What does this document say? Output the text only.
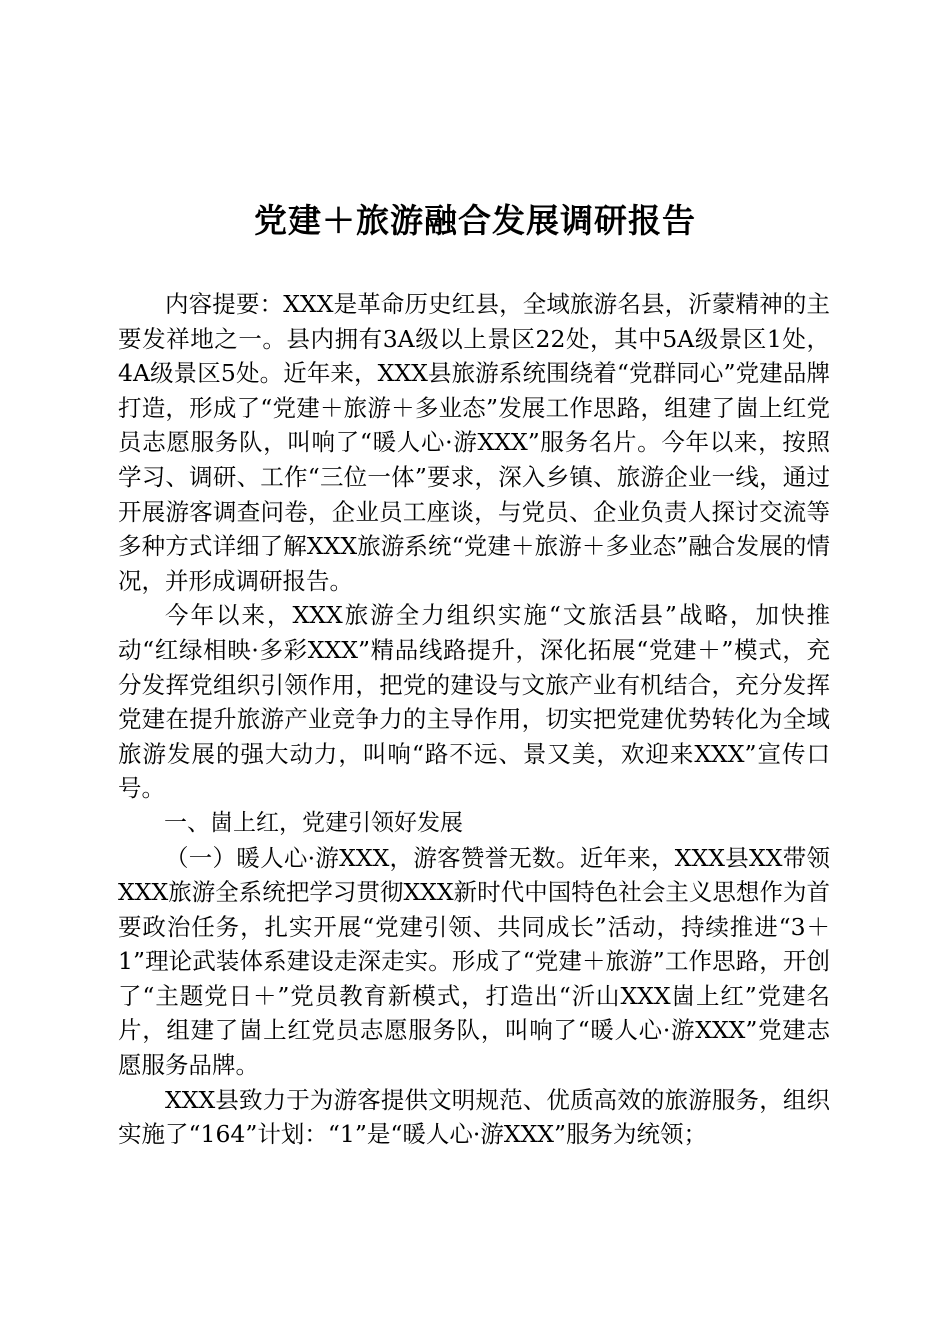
党建＋旅游融合发展调研报告

内容提要：XXX是革命历史红县，全域旅游名县，沂蒙精神的主要发祥地之一。县内拥有3A级以上景区22处，其中5A级景区1处，4A级景区5处。近年来，XXX县旅游系统围绕着“党群同心”党建品牌打造，形成了“党建＋旅游＋多业态”发展工作思路，组建了崮上红党员志愿服务队，叫响了“暖人心·游XXX”服务名片。今年以来，按照学习、调研、工作“三位一体”要求，深入乡镇、旅游企业一线，通过开展游客调查问卷，企业员工座谈，与党员、企业负责人探讨交流等多种方式详细了解XXX旅游系统“党建＋旅游＋多业态”融合发展的情况，并形成调研报告。

今年以来，XXX旅游全力组织实施“文旅活县”战略，加快推动“红绿相映·多彩XXX”精品线路提升，深化拓展“党建＋”模式，充分发挥党组织引领作用，把党的建设与文旅产业有机结合，充分发挥党建在提升旅游产业竞争力的主导作用，切实把党建优势转化为全域旅游发展的强大动力，叫响“路不远、景又美，欢迎来XXX”宣传口号。

一、崮上红，党建引领好发展

（一）暖人心·游XXX，游客赞誉无数。近年来，XXX县XX带领XXX旅游全系统把学习贯彻XXX新时代中国特色社会主义思想作为首要政治任务，扎实开展“党建引领、共同成长”活动，持续推进“3＋1”理论武装体系建设走深走实。形成了“党建＋旅游”工作思路，开创了“主题党日＋”党员教育新模式，打造出“沂山XXX崮上红”党建名片，组建了崮上红党员志愿服务队，叫响了“暖人心·游XXX”党建志愿服务品牌。

XXX县致力于为游客提供文明规范、优质高效的旅游服务，组织实施了“164”计划：“1”是“暖人心·游XXX”服务为统领；
